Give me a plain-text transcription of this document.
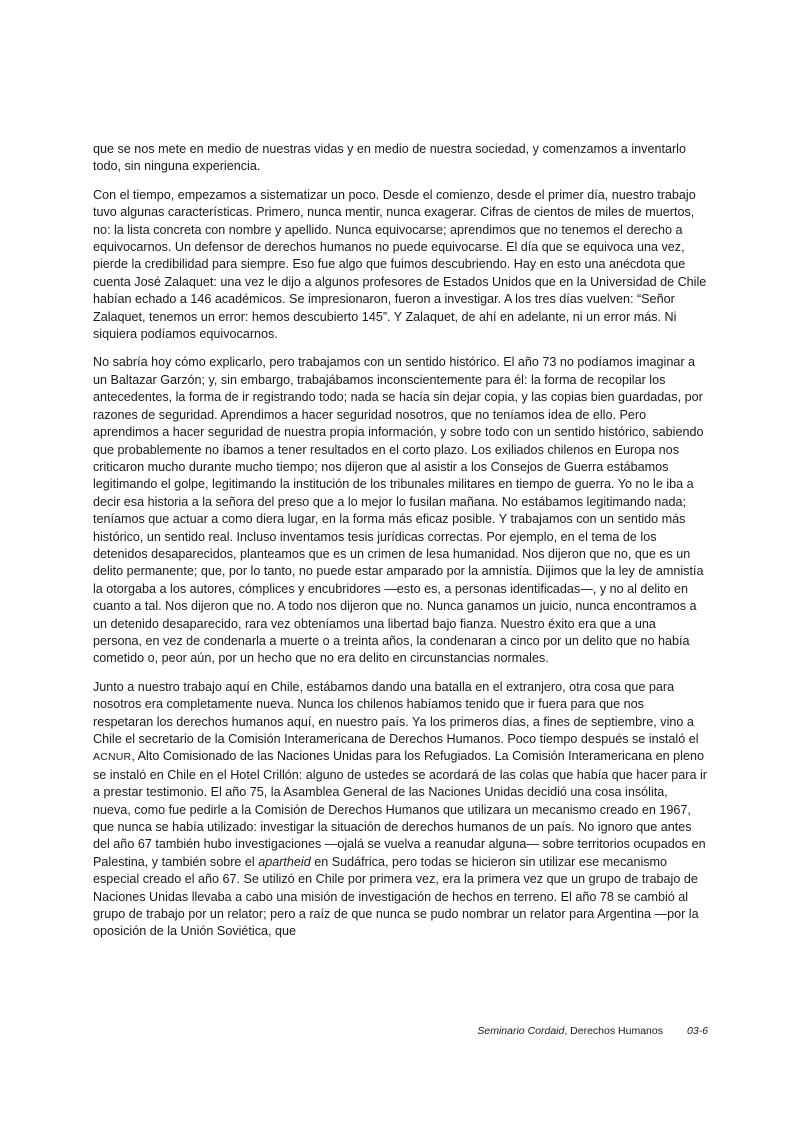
que se nos mete en medio de nuestras vidas y en medio de nuestra sociedad, y comenzamos a inventarlo todo, sin ninguna experiencia.

Con el tiempo, empezamos a sistematizar un poco. Desde el comienzo, desde el primer día, nuestro trabajo tuvo algunas características. Primero, nunca mentir, nunca exagerar. Cifras de cientos de miles de muertos, no: la lista concreta con nombre y apellido. Nunca equivocarse; aprendimos que no tenemos el derecho a equivocarnos. Un defensor de derechos humanos no puede equivocarse. El día que se equivoca una vez, pierde la credibilidad para siempre. Eso fue algo que fuimos descubriendo. Hay en esto una anécdota que cuenta José Zalaquet: una vez le dijo a algunos profesores de Estados Unidos que en la Universidad de Chile habían echado a 146 académicos. Se impresionaron, fueron a investigar. A los tres días vuelven: “Señor Zalaquet, tenemos un error: hemos descubierto 145”. Y Zalaquet, de ahí en adelante, ni un error más. Ni siquiera podíamos equivocarnos.

No sabría hoy cómo explicarlo, pero trabajamos con un sentido histórico. El año 73 no podíamos imaginar a un Baltazar Garzón; y, sin embargo, trabajábamos inconscientemente para él: la forma de recopilar los antecedentes, la forma de ir registrando todo; nada se hacía sin dejar copia, y las copias bien guardadas, por razones de seguridad. Aprendimos a hacer seguridad nosotros, que no teníamos idea de ello. Pero aprendimos a hacer seguridad de nuestra propia información, y sobre todo con un sentido histórico, sabiendo que probablemente no íbamos a tener resultados en el corto plazo. Los exiliados chilenos en Europa nos criticaron mucho durante mucho tiempo; nos dijeron que al asistir a los Consejos de Guerra estábamos legitimando el golpe, legitimando la institución de los tribunales militares en tiempo de guerra. Yo no le iba a decir esa historia a la señora del preso que a lo mejor lo fusilan mañana. No estábamos legitimando nada; teníamos que actuar a como diera lugar, en la forma más eficaz posible. Y trabajamos con un sentido más histórico, un sentido real. Incluso inventamos tesis jurídicas correctas. Por ejemplo, en el tema de los detenidos desaparecidos, planteamos que es un crimen de lesa humanidad. Nos dijeron que no, que es un delito permanente; que, por lo tanto, no puede estar amparado por la amnistía. Dijimos que la ley de amnistía la otorgaba a los autores, cómplices y encubridores —esto es, a personas identificadas—, y no al delito en cuanto a tal. Nos dijeron que no. A todo nos dijeron que no. Nunca ganamos un juicio, nunca encontramos a un detenido desaparecido, rara vez obteníamos una libertad bajo fianza. Nuestro éxito era que a una persona, en vez de condenarla a muerte o a treinta años, la condenaran a cinco por un delito que no había cometido o, peor aún, por un hecho que no era delito en circunstancias normales.

Junto a nuestro trabajo aquí en Chile, estábamos dando una batalla en el extranjero, otra cosa que para nosotros era completamente nueva. Nunca los chilenos habíamos tenido que ir fuera para que nos respetaran los derechos humanos aquí, en nuestro país. Ya los primeros días, a fines de septiembre, vino a Chile el secretario de la Comisión Interamericana de Derechos Humanos. Poco tiempo después se instaló el ACNUR, Alto Comisionado de las Naciones Unidas para los Refugiados. La Comisión Interamericana en pleno se instaló en Chile en el Hotel Crillón: alguno de ustedes se acordará de las colas que había que hacer para ir a prestar testimonio. El año 75, la Asamblea General de las Naciones Unidas decidió una cosa insólita, nueva, como fue pedirle a la Comisión de Derechos Humanos que utilizara un mecanismo creado en 1967, que nunca se había utilizado: investigar la situación de derechos humanos de un país. No ignoro que antes del año 67 también hubo investigaciones —ojalá se vuelva a reanudar alguna— sobre territorios ocupados en Palestina, y también sobre el apartheid en Sudáfrica, pero todas se hicieron sin utilizar ese mecanismo especial creado el año 67. Se utilizó en Chile por primera vez, era la primera vez que un grupo de trabajo de Naciones Unidas llevaba a cabo una misión de investigación de hechos en terreno. El año 78 se cambió al grupo de trabajo por un relator; pero a raíz de que nunca se pudo nombrar un relator para Argentina —por la oposición de la Unión Soviética, que

Seminario Cordaid, Derechos Humanos 03-6
